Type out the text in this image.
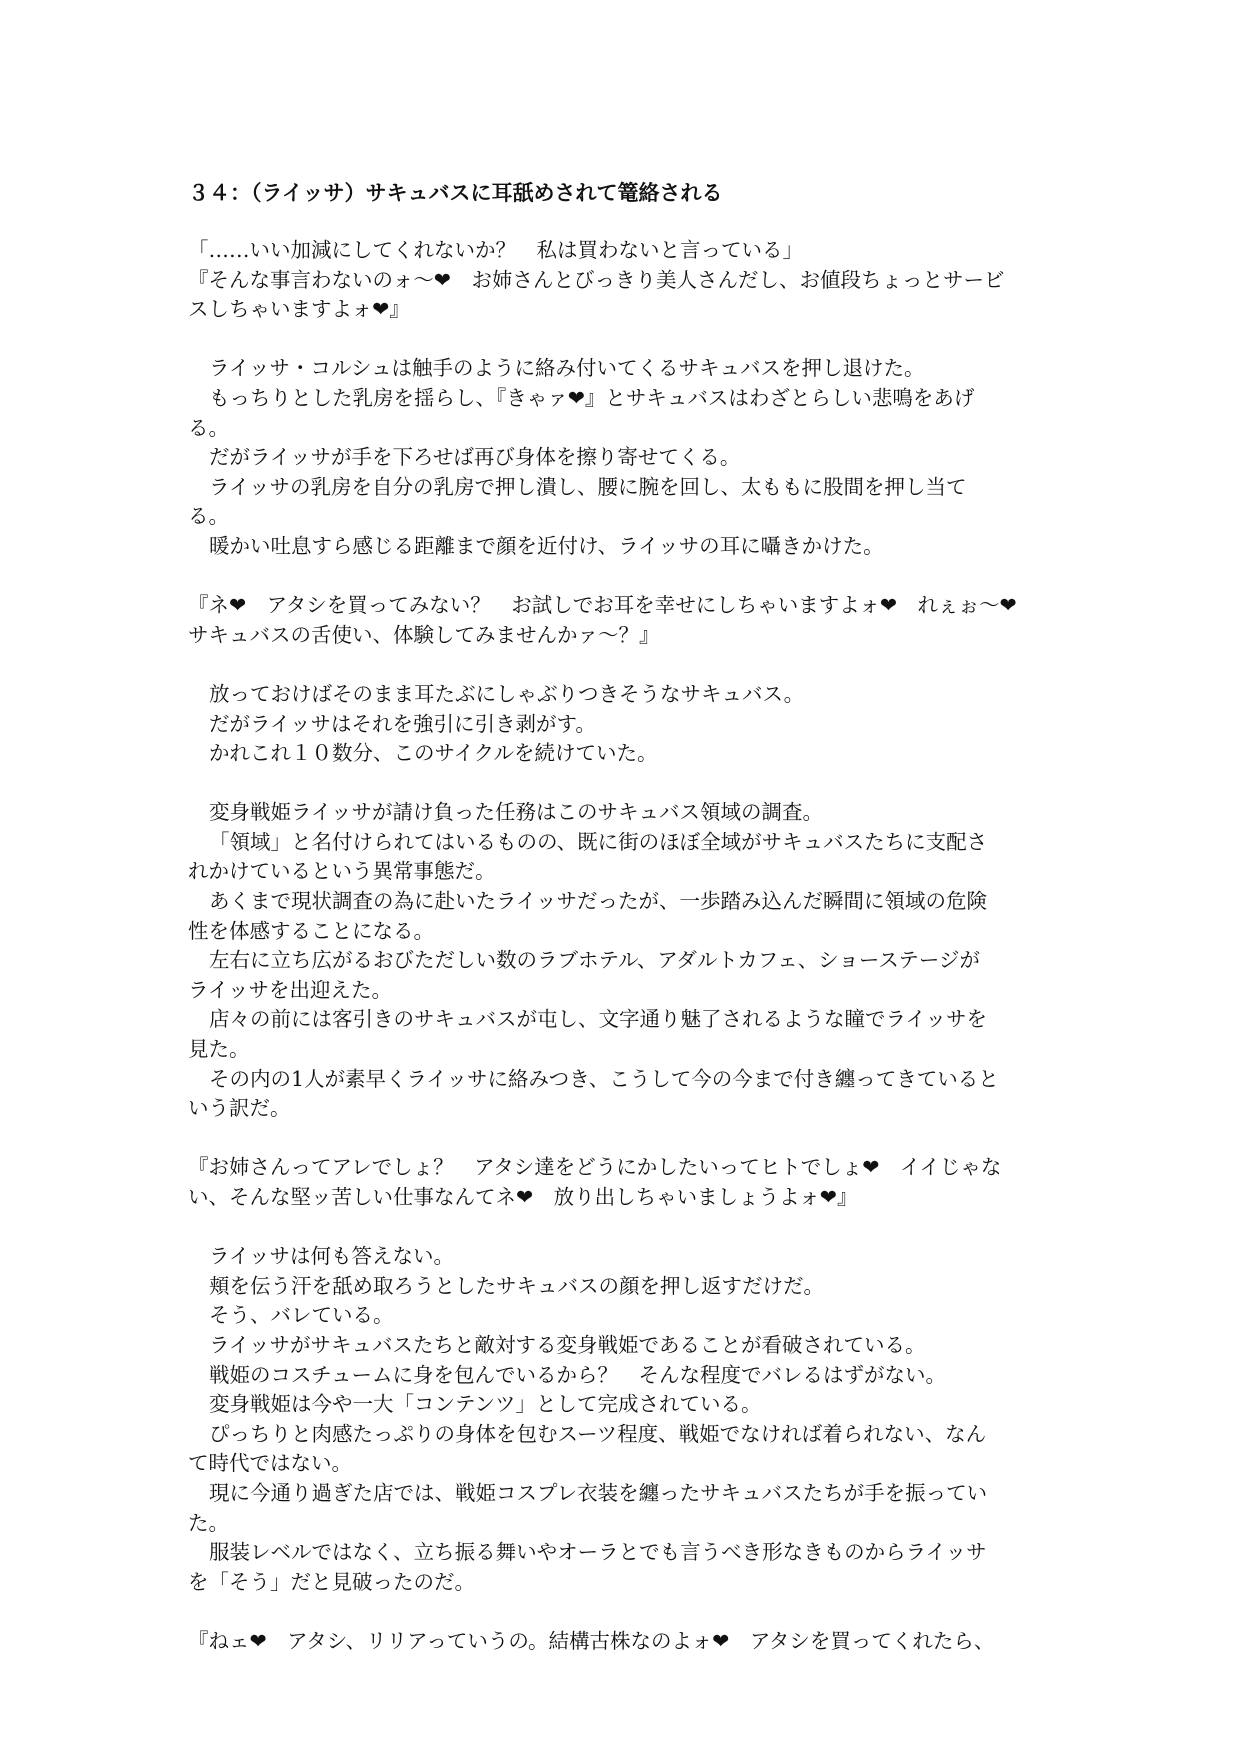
３４：（ライッサ）サキュバスに耳舐めされて篭絡される
「‥‥‥いい加減にしてくれないか？　私は買わないと言っている」
『そんな事言わないのォ～❤　お姉さんとびっきり美人さんだし、お値段ちょっとサービ
スしちゃいますよォ❤』
ライッサ・コルシュは触手のように絡み付いてくるサキュバスを押し退けた。
もっちりとした乳房を揺らし、『きゃァ❤』とサキュバスはわざとらしい悲鳴をあげ
る。
だがライッサが手を下ろせば再び身体を擦り寄せてくる。
ライッサの乳房を自分の乳房で押し潰し、腰に腕を回し、太ももに股間を押し当て
る。
暖かい吐息すら感じる距離まで顔を近付け、ライッサの耳に囁きかけた。
『ネ❤　アタシを買ってみない？　お試しでお耳を幸せにしちゃいますよォ❤　れぇぉ～❤
サキュバスの舌使い、体験してみませんかァ～？』
放っておけばそのまま耳たぶにしゃぶりつきそうなサキュバス。
だがライッサはそれを強引に引き剥がす。
かれこれ１０数分、このサイクルを続けていた。
変身戦姫ライッサが請け負った任務はこのサキュバス領域の調査。
「領域」と名付けられてはいるものの、既に街のほぼ全域がサキュバスたちに支配さ
れかけているという異常事態だ。
あくまで現状調査の為に赴いたライッサだったが、一歩踏み込んだ瞬間に領域の危険
性を体感することになる。
左右に立ち広がるおびただしい数のラブホテル、アダルトカフェ、ショーステージが
ライッサを出迎えた。
店々の前には客引きのサキュバスが屯し、文字通り魅了されるような瞳でライッサを
見た。
その内の1人が素早くライッサに絡みつき、こうして今の今まで付き纏ってきていると
いう訳だ。
『お姉さんってアレでしょ？　アタシ達をどうにかしたいってヒトでしょ❤　イイじゃな
い、そんな堅ッ苦しい仕事なんてネ❤　放り出しちゃいましょうよォ❤』
ライッサは何も答えない。
頬を伝う汗を舐め取ろうとしたサキュバスの顔を押し返すだけだ。
そう、バレている。
ライッサがサキュバスたちと敵対する変身戦姫であることが看破されている。
戦姫のコスチュームに身を包んでいるから？　そんな程度でバレるはずがない。
変身戦姫は今や一大「コンテンツ」として完成されている。
ぴっちりと肉感たっぷりの身体を包むスーツ程度、戦姫でなければ着られない、なん
て時代ではない。
現に今通り過ぎた店では、戦姫コスプレ衣装を纏ったサキュバスたちが手を振ってい
た。
服装レベルではなく、立ち振る舞いやオーラとでも言うべき形なきものからライッサ
を「そう」だと見破ったのだ。
『ねェ❤　アタシ、リリアっていうの。結構古株なのよォ❤　アタシを買ってくれたら、
